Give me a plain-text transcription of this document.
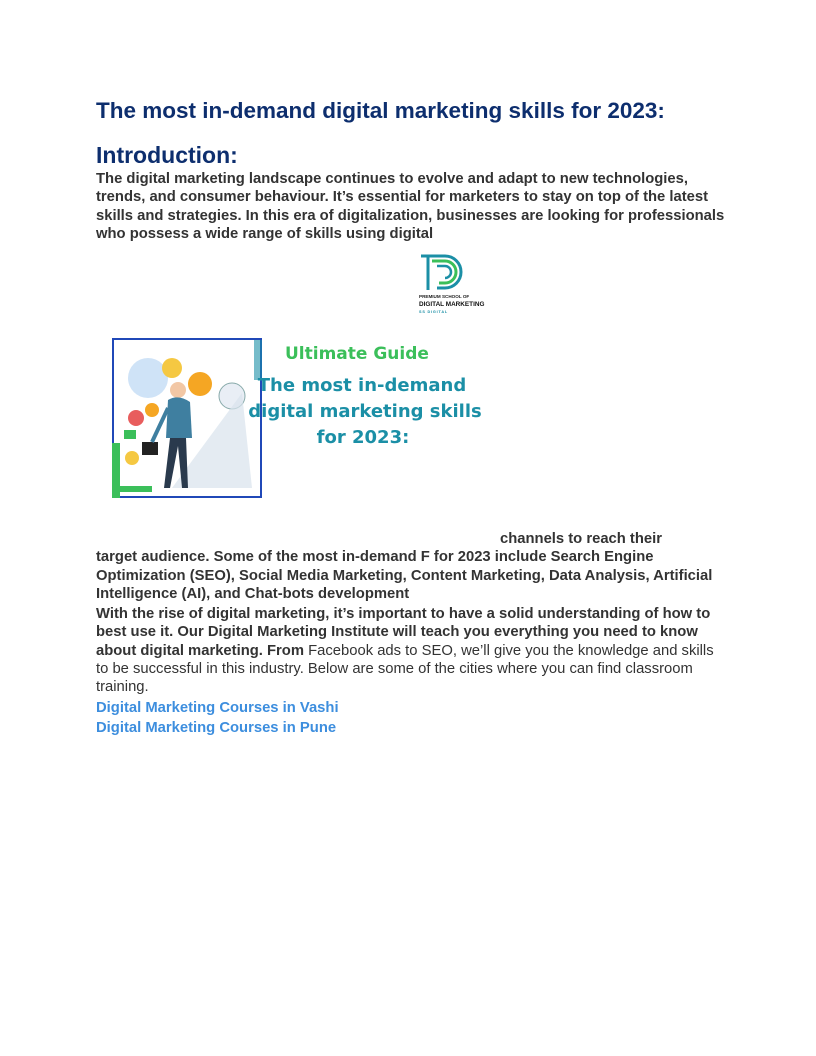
The most in-demand digital marketing skills for 2023:
Introduction:

The digital marketing landscape continues to evolve and adapt to new technologies, trends, and consumer behaviour. It’s essential for marketers to stay on top of the latest skills and strategies. In this era of digitalization, businesses are looking for professionals who possess a wide range of skills using digital

PREMIUM SCHOOL OF
DIGITAL MARKETING
SS DIGITAL
Ultimate Guide
The most in-demand
digital marketing skills
for 2023:

channels to reach their
target audience. Some of the most in-demand F for 2023 include Search Engine Optimization (SEO), Social Media Marketing, Content Marketing, Data Analysis, Artificial Intelligence (AI), and Chat-bots development

With the rise of digital marketing, it’s important to have a solid understanding of how to best use it. Our Digital Marketing Institute will teach you everything you need to know about digital marketing. From Facebook ads to SEO, we’ll give you the knowledge and skills to be successful in this industry. Below are some of the cities where you can find classroom training.

Digital Marketing Courses in Vashi
Digital Marketing Courses in Pune
